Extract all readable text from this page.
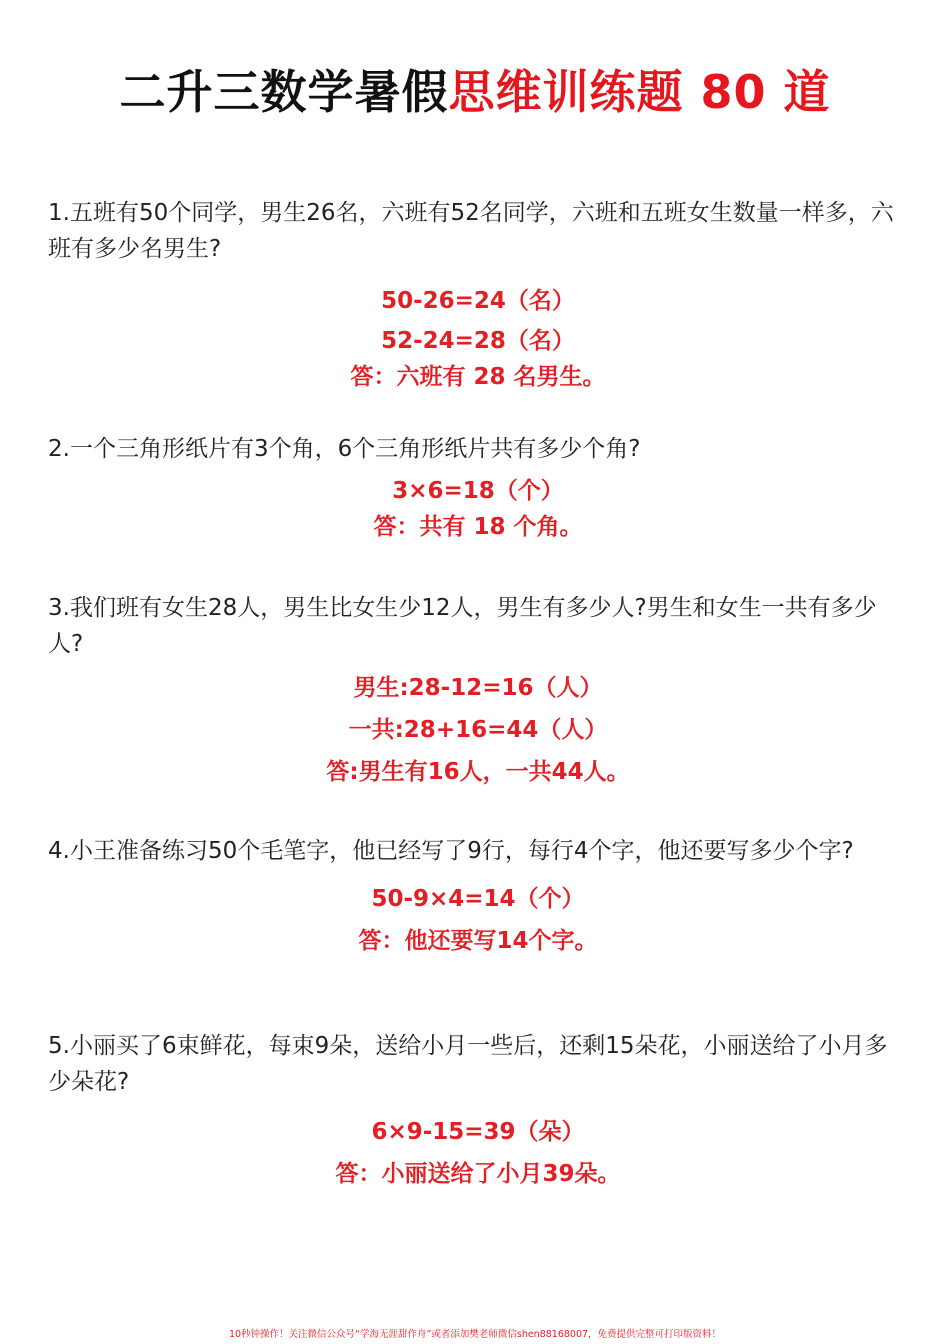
二升三数学暑假思维训练题 80 道
1.五班有50个同学，男生26名，六班有52名同学，六班和五班女生数量一样多，六班有多少名男生?
50-26=24（名）
52-24=28（名）
答：六班有 28 名男生。
2.一个三角形纸片有3个角，6个三角形纸片共有多少个角?
3×6=18（个）
答：共有 18 个角。
3.我们班有女生28人，男生比女生少12人，男生有多少人?男生和女生一共有多少人?
男生:28-12=16（人）
一共:28+16=44（人）
答:男生有16人，一共44人。
4.小王准备练习50个毛笔字，他已经写了9行，每行4个字，他还要写多少个字?
50-9×4=14（个）
答：他还要写14个字。
5.小丽买了6束鲜花，每束9朵，送给小月一些后，还剩15朵花，小丽送给了小月多少朵花?
6×9-15=39（朵）
答：小丽送给了小月39朵。
10秒钟操作！关注微信公众号“学海无涯甜作舟”或者添加樊老师微信shen88168007，免费提供完整可打印版资料！
